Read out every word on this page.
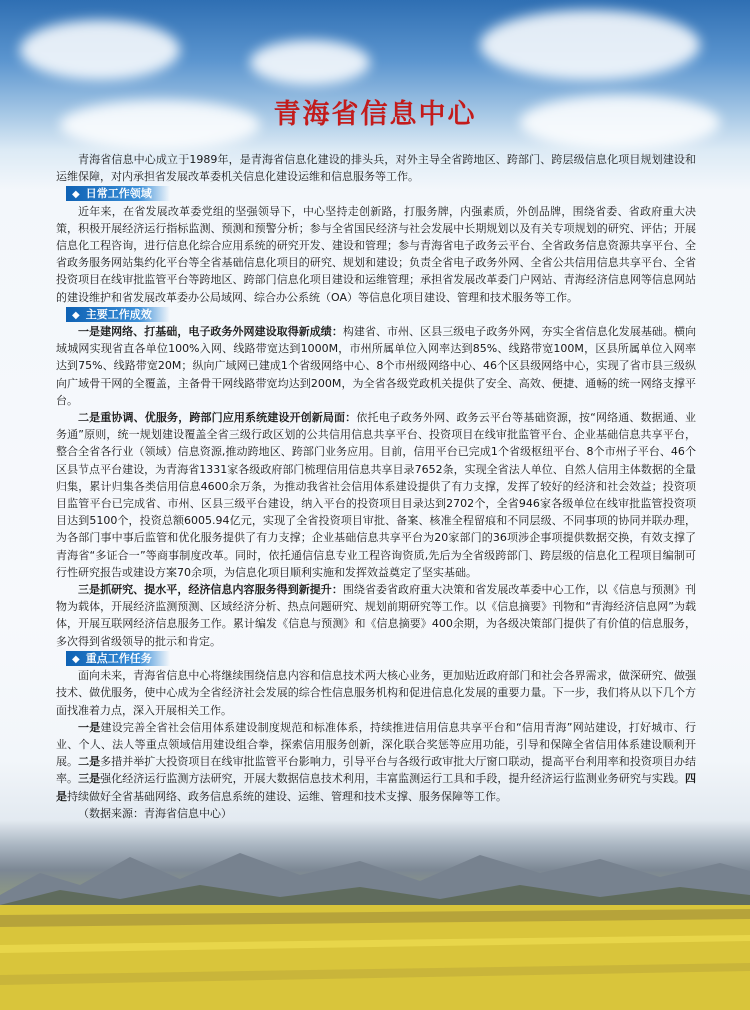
青海省信息中心

青海省信息中心成立于1989年，是青海省信息化建设的排头兵，对外主导全省跨地区、跨部门、跨层级信息化项目规划建设和运维保障，对内承担省发展改革委机关信息化建设运维和信息服务等工作。

◆ 日常工作领域

近年来，在省发展改革委党组的坚强领导下，中心坚持走创新路，打服务牌，内强素质，外创品牌，围绕省委、省政府重大决策，积极开展经济运行指标监测、预测和预警分析；参与全省国民经济与社会发展中长期规划以及有关专项规划的研究、评估；开展信息化工程咨询，进行信息化综合应用系统的研究开发、建设和管理；参与青海省电子政务云平台、全省政务信息资源共享平台、全省政务服务网站集约化平台等全省基础信息化项目的研究、规划和建设；负责全省电子政务外网、全省公共信用信息共享平台、全省投资项目在线审批监管平台等跨地区、跨部门信息化项目建设和运维管理；承担省发展改革委门户网站、青海经济信息网等信息网站的建设维护和省发展改革委办公局域网、综合办公系统（OA）等信息化项目建设、管理和技术服务等工作。

◆ 主要工作成效

一是建网络、打基础，电子政务外网建设取得新成绩：构建省、市州、区县三级电子政务外网，夯实全省信息化发展基础。横向域城网实现省直各单位100%入网、线路带宽达到1000M，市州所属单位入网率达到85%、线路带宽100M，区县所属单位入网率达到75%、线路带宽20M；纵向广域网已建成1个省级网络中心、8个市州级网络中心、46个区县级网络中心，实现了省市县三级纵向广域骨干网的全覆盖，主备骨干网线路带宽均达到200M，为全省各级党政机关提供了安全、高效、便捷、通畅的统一网络支撑平台。

二是重协调、优服务，跨部门应用系统建设开创新局面：依托电子政务外网、政务云平台等基础资源，按“网络通、数据通、业务通”原则，统一规划建设覆盖全省三级行政区划的公共信用信息共享平台、投资项目在线审批监管平台、企业基础信息共享平台，整合全省各行业（领域）信息资源,推动跨地区、跨部门业务应用。目前，信用平台已完成1个省级枢纽平台、8个市州子平台、46个区县节点平台建设，为青海省1331家各级政府部门梳理信用信息共享目录7652条，实现全省法人单位、自然人信用主体数据的全量归集，累计归集各类信用信息4600余万条，为推动我省社会信用体系建设提供了有力支撑，发挥了较好的经济和社会效益；投资项目监管平台已完成省、市州、区县三级平台建设，纳入平台的投资项目目录达到2702个，全省946家各级单位在线审批监管投资项目达到5100个，投资总额6005.94亿元，实现了全省投资项目审批、备案、核准全程留痕和不同层级、不同事项的协同并联办理，为各部门事中事后监管和优化服务提供了有力支撑；企业基础信息共享平台为20家部门的36项涉企事项提供数据交换，有效支撑了青海省“多证合一”等商事制度改革。同时，依托通信信息专业工程咨询资质,先后为全省级跨部门、跨层级的信息化工程项目编制可行性研究报告或建设方案70余项，为信息化项目顺利实施和发挥效益奠定了坚实基础。

三是抓研究、提水平，经济信息内容服务得到新提升：围绕省委省政府重大决策和省发展改革委中心工作，以《信息与预测》刊物为载体，开展经济监测预测、区域经济分析、热点问题研究、规划前期研究等工作。以《信息摘要》刊物和“青海经济信息网”为载体，开展互联网经济信息服务工作。累计编发《信息与预测》和《信息摘要》400余期，为各级决策部门提供了有价值的信息服务，多次得到省级领导的批示和肯定。

◆ 重点工作任务

面向未来，青海省信息中心将继续围绕信息内容和信息技术两大核心业务，更加贴近政府部门和社会各界需求，做深研究、做强技术、做优服务，使中心成为全省经济社会发展的综合性信息服务机构和促进信息化发展的重要力量。下一步，我们将从以下几个方面找准着力点，深入开展相关工作。

一是建设完善全省社会信用体系建设制度规范和标准体系，持续推进信用信息共享平台和“信用青海”网站建设，打好城市、行业、个人、法人等重点领域信用建设组合拳，探索信用服务创新，深化联合奖惩等应用功能，引导和保障全省信用体系建设顺利开展。二是多措并举扩大投资项目在线审批监管平台影响力，引导平台与各级行政审批大厅窗口联动，提高平台利用率和投资项目办结率。三是强化经济运行监测方法研究，开展大数据信息技术利用，丰富监测运行工具和手段，提升经济运行监测业务研究与实践。四是持续做好全省基础网络、政务信息系统的建设、运维、管理和技术支撑、服务保障等工作。

（数据来源：青海省信息中心）
